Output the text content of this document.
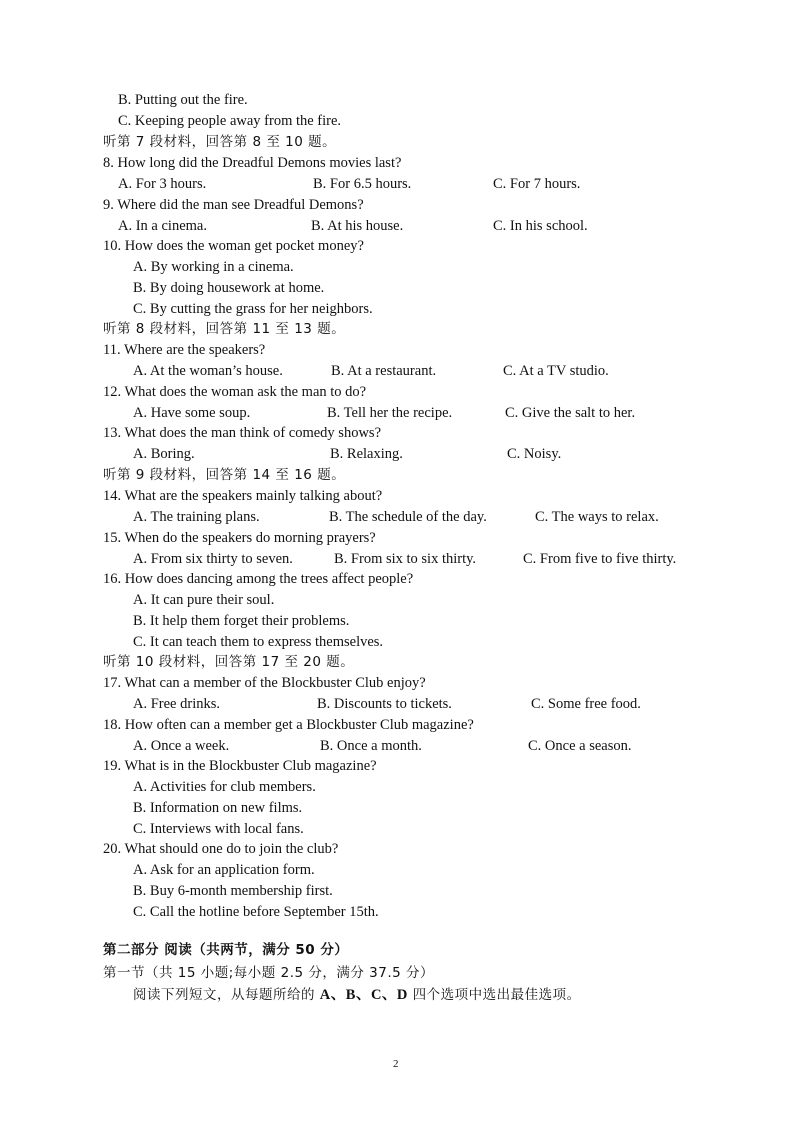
B. Putting out the fire.
C. Keeping people away from the fire.
听第 7 段材料，回答第 8 至 10 题。
8. How long did the Dreadful Demons movies last?
A. For 3 hours.	B. For 6.5 hours.	C. For 7 hours.
9. Where did the man see Dreadful Demons?
A. In a cinema.	B. At his house.	C. In his school.
10. How does the woman get pocket money?
A. By working in a cinema.
B. By doing housework at home.
C. By cutting the grass for her neighbors.
听第 8 段材料，回答第 11 至 13 题。
11. Where are the speakers?
A. At the woman’s house.	B. At a restaurant.	C. At a TV studio.
12. What does the woman ask the man to do?
A. Have some soup.	B. Tell her the recipe.	C. Give the salt to her.
13. What does the man think of comedy shows?
A. Boring.	B. Relaxing.	C. Noisy.
听第 9 段材料，回答第 14 至 16 题。
14. What are the speakers mainly talking about?
A. The training plans.	B. The schedule of the day.	C. The ways to relax.
15. When do the speakers do morning prayers?
A. From six thirty to seven.	B. From six to six thirty.	C. From five to five thirty.
16. How does dancing among the trees affect people?
A. It can pure their soul.
B. It help them forget their problems.
C. It can teach them to express themselves.
听第 10 段材料，回答第 17 至 20 题。
17. What can a member of the Blockbuster Club enjoy?
A. Free drinks.	B. Discounts to tickets.	C. Some free food.
18. How often can a member get a Blockbuster Club magazine?
A. Once a week.	B. Once a month.	C. Once a season.
19. What is in the Blockbuster Club magazine?
A. Activities for club members.
B. Information on new films.
C. Interviews with local fans.
20. What should one do to join the club?
A. Ask for an application form.
B. Buy 6-month membership first.
C. Call the hotline before September 15th.
第二部分 阅读（共两节，满分 50 分）
第一节（共 15 小题;每小题 2.5 分，满分 37.5 分）
阅读下列短文，从每题所给的 A、B、C、D 四个选项中选出最佳选项。
2
